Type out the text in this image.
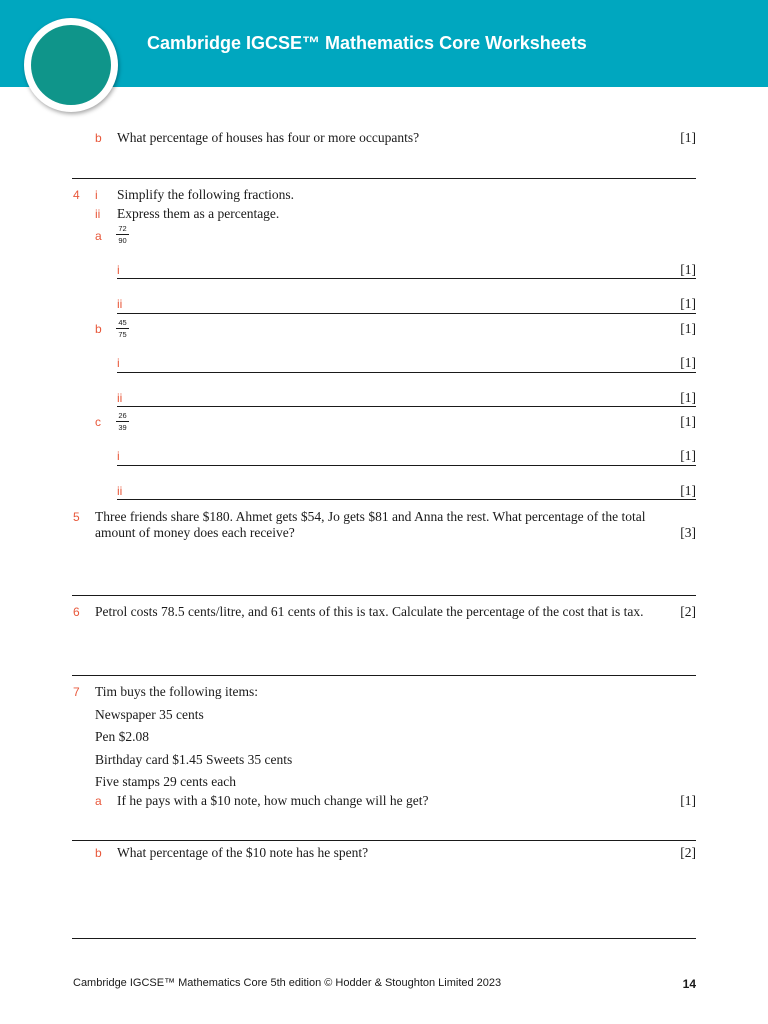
Cambridge IGCSE™ Mathematics Core Worksheets
b What percentage of houses has four or more occupants?	[1]
4 i Simplify the following fractions.
ii Express them as a percentage.
a
72
90
i	[1]
ii	[1]
b	45
75	[1]
i	[1]
ii	[1]
c	26
39	[1]
i	[1]
ii	[1]
5 Three friends share $180. Ahmet gets $54, Jo gets $81 and Anna the rest. What percentage of the total
amount of money does each receive?	[3]
6 Petrol costs 78.5 cents/litre, and 61 cents of this is tax. Calculate the percentage of the cost that is tax.	[2]
7 Tim buys the following items:
Newspaper 35 cents
Pen $2.08
Birthday card $1.45 Sweets 35 cents
Five stamps 29 cents each
a If he pays with a $10 note, how much change will he get?	[1]
b What percentage of the $10 note has he spent?	[2]
Cambridge IGCSE™ Mathematics Core 5th edition © Hodder & Stoughton Limited 2023	14
